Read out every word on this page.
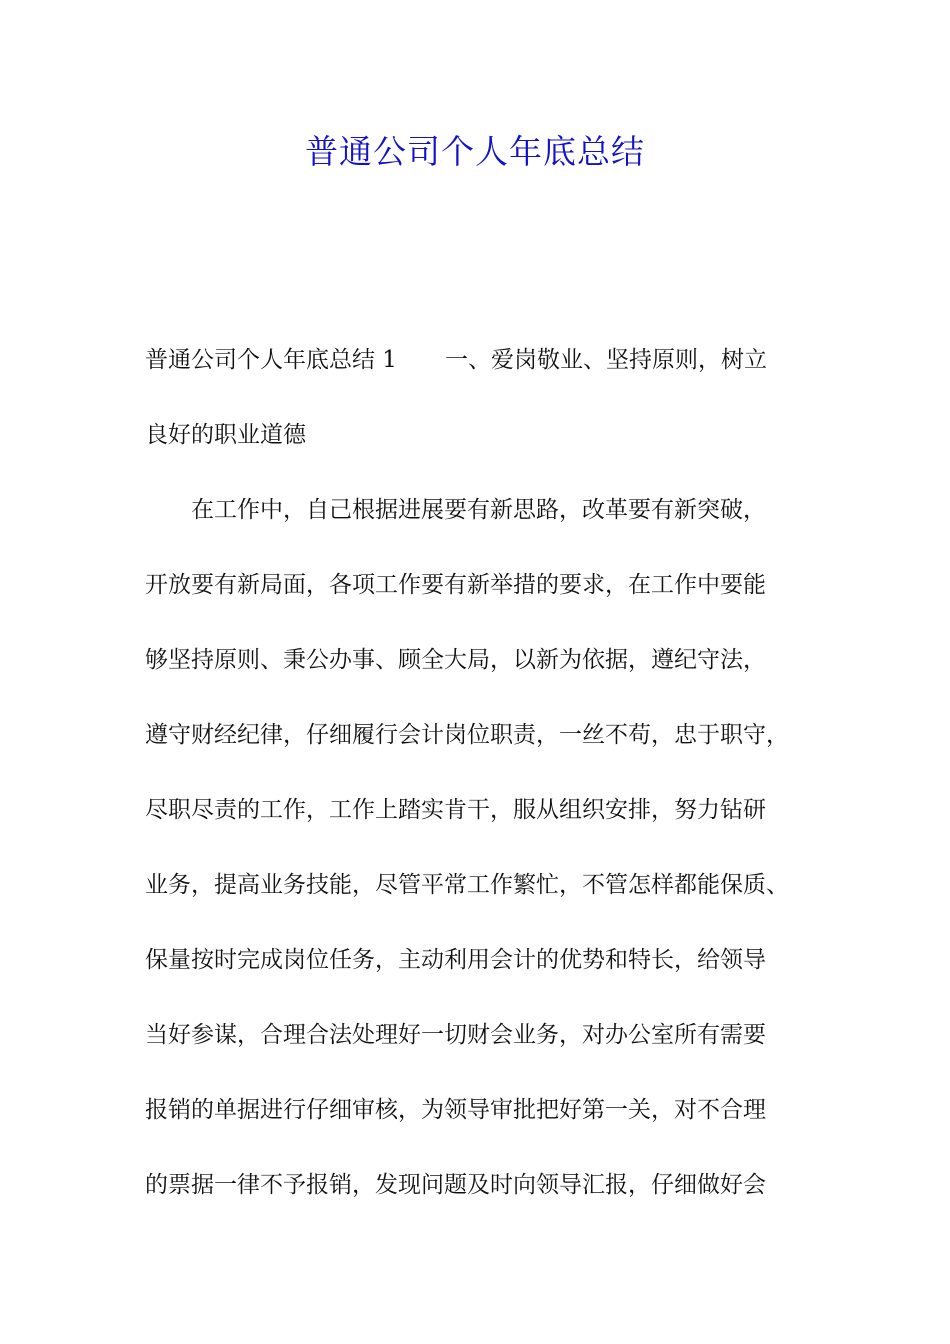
普通公司个人年底总结

普通公司个人年底总结 1 一、爱岗敬业、坚持原则，树立

良好的职业道德

　　在工作中，自己根据进展要有新思路，改革要有新突破，

开放要有新局面，各项工作要有新举措的要求，在工作中要能

够坚持原则、秉公办事、顾全大局，以新为依据，遵纪守法，

遵守财经纪律，仔细履行会计岗位职责，一丝不苟，忠于职守，

尽职尽责的工作，工作上踏实肯干，服从组织安排，努力钻研

业务，提高业务技能，尽管平常工作繁忙，不管怎样都能保质、

保量按时完成岗位任务，主动利用会计的优势和特长，给领导

当好参谋，合理合法处理好一切财会业务，对办公室所有需要

报销的单据进行仔细审核，为领导审批把好第一关，对不合理

的票据一律不予报销，发现问题及时向领导汇报，仔细做好会
